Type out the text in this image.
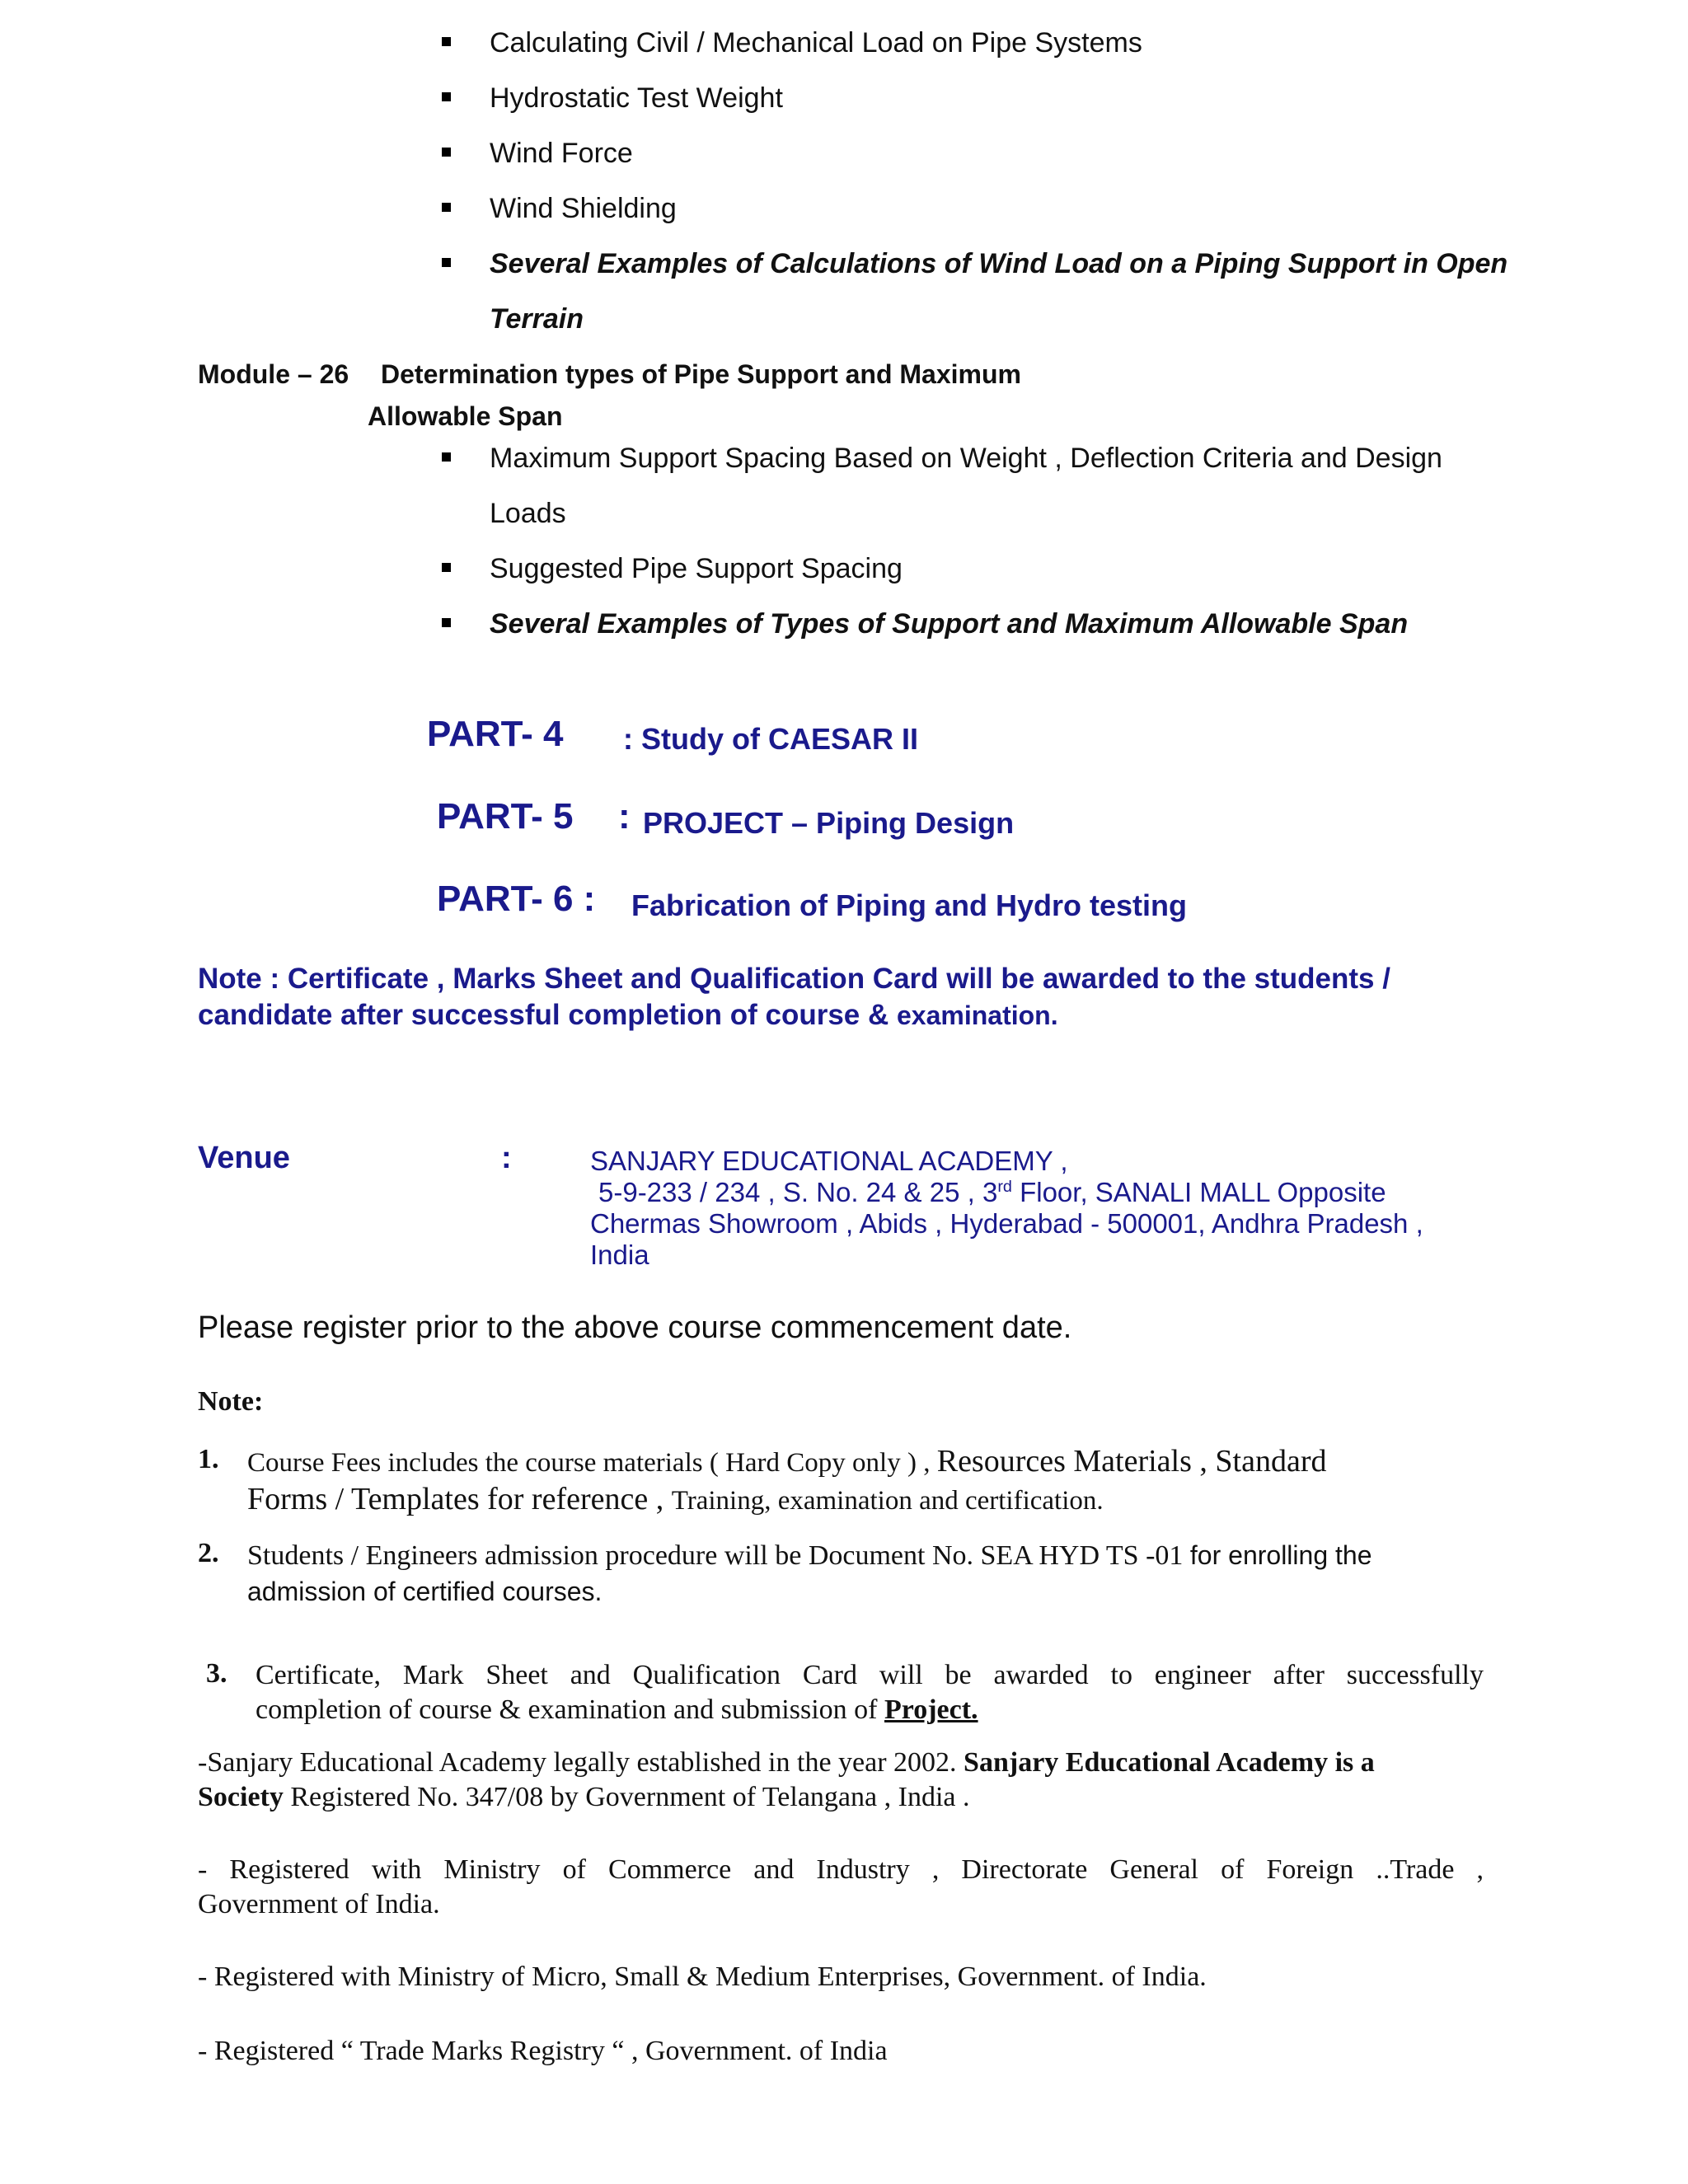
Calculating Civil / Mechanical Load on Pipe Systems
Hydrostatic Test Weight
Wind Force
Wind Shielding
Several Examples of Calculations of Wind Load on a Piping Support in Open
Terrain
Module – 26 Determination types of Pipe Support and Maximum
Allowable Span
Maximum Support Spacing Based on Weight , Deflection Criteria and Design
Loads
Suggested Pipe Support Spacing
Several Examples of Types of Support and Maximum Allowable Span
PART- 4 : Study of CAESAR II
PART- 5 : PROJECT – Piping Design
PART- 6 : Fabrication of Piping and Hydro testing
Note : Certificate , Marks Sheet and Qualification Card will be awarded to the students /
candidate after successful completion of course & examination.
Venue	:	SANJARY EDUCATIONAL ACADEMY ,
5-9-233 / 234 , S. No. 24 & 25 , 3rd Floor, SANALI MALL Opposite
Chermas Showroom , Abids , Hyderabad - 500001, Andhra Pradesh ,
India
Please register prior to the above course commencement date.
Note:
1. Course Fees includes the course materials ( Hard Copy only ) , Resources Materials , Standard
Forms / Templates for reference , Training, examination and certification.
2. Students / Engineers admission procedure will be Document No. SEA HYD TS -01 for enrolling the
admission of certified courses.
3. Certificate, Mark Sheet and Qualification Card will be awarded to engineer after successfully
completion of course & examination and submission of Project.
-Sanjary Educational Academy legally established in the year 2002. Sanjary Educational Academy is a
Society Registered No. 347/08 by Government of Telangana , India .
- Registered with Ministry of Commerce and Industry , Directorate General of Foreign ..Trade ,
Government of India.
- Registered with Ministry of Micro, Small & Medium Enterprises, Government. of India.
- Registered “ Trade Marks Registry “ , Government. of India
